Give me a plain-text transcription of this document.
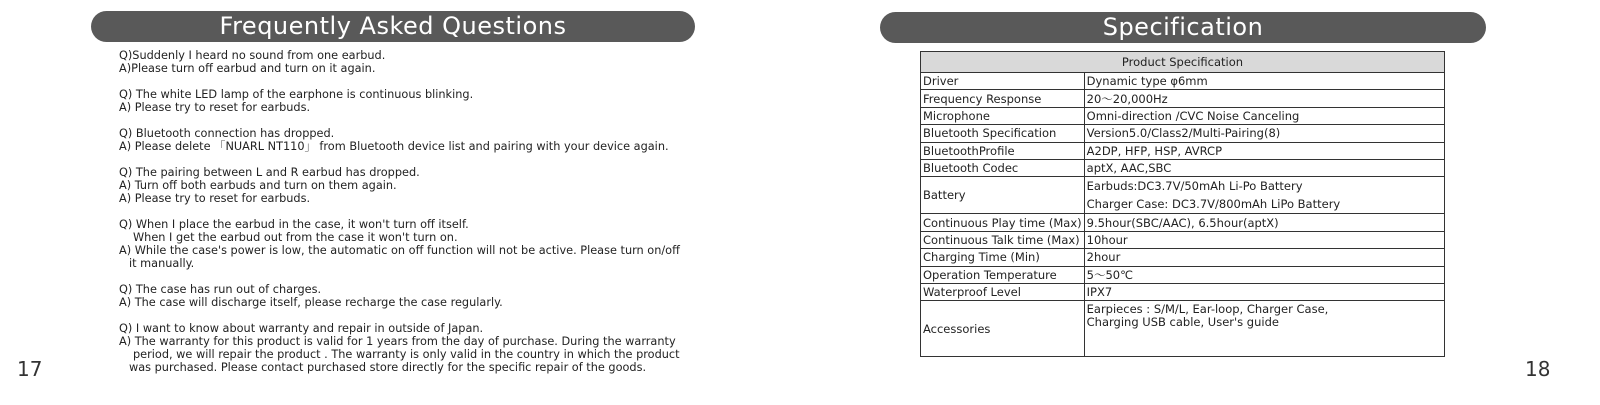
Frequently Asked Questions

Q)Suddenly I heard no sound from one earbud.

A)Please turn off earbud and turn on it again.

Q) The white LED lamp of the earphone is continuous blinking.

A) Please try to reset for earbuds.

Q) Bluetooth connection has dropped.

A) Please delete 「NUARL NT110」 from Bluetooth device list and pairing with your device again.

Q) The pairing between L and R earbud has dropped.

A) Turn off both earbuds and turn on them again.

A) Please try to reset for earbuds.

Q) When I place the earbud in the case, it won't turn off itself.

When I get the earbud out from the case it won't turn on.

A) While the case's power is low, the automatic on off function will not be active. Please turn on/off

it manually.

Q) The case has run out of charges.

A) The case will discharge itself, please recharge the case regularly.

Q) I want to know about warranty and repair in outside of Japan.

A) The warranty for this product is valid for 1 years from the day of purchase. During the warranty

period, we will repair the product . The warranty is only valid in the country in which the product

was purchased. Please contact purchased store directly for the specific repair of the goods.

17
Specification
Product Specification	
Driver	Dynamic type φ6mm
Frequency Response	20〜20,000Hz
Microphone	Omni-direction /CVC Noise Canceling
Bluetooth Specification	Version5.0/Class2/Multi-Pairing(8)
BluetoothProfile	A2DP, HFP, HSP, AVRCP
Bluetooth Codec	aptX, AAC,SBC
Battery	Earbuds:DC3.7V/50mAh Li-Po Battery
Charger Case: DC3.7V/800mAh LiPo Battery

Continuous Play time (Max)	9.5hour(SBC/AAC), 6.5hour(aptX)
Continuous Talk time (Max)	10hour
Charging Time (Min)	2hour
Operation Temperature	5〜50℃
Waterproof Level	IPX7
Accessories	Earpieces : S/M/L, Ear-loop, Charger Case,
Charging USB cable, User's guide
18
